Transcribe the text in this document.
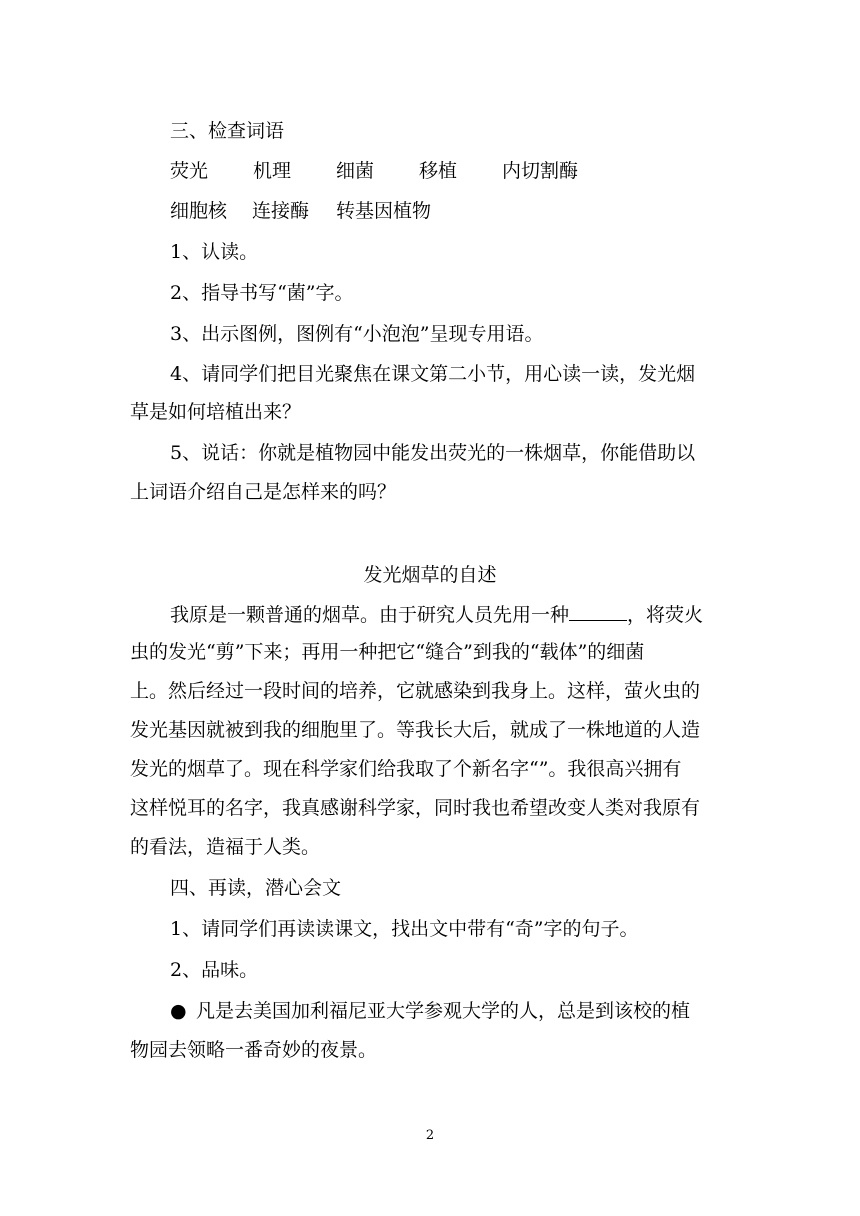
三、检查词语
荧光 机理 细菌 移植 内切割酶
细胞核 连接酶 转基因植物
1、认读。
2、指导书写“菌”字。
3、出示图例，图例有“小泡泡”呈现专用语。
4、请同学们把目光聚焦在课文第二小节，用心读一读，发光烟
草是如何培植出来？
5、说话：你就是植物园中能发出荧光的一株烟草，你能借助以
上词语介绍自己是怎样来的吗？
发光烟草的自述
我原是一颗普通的烟草。由于研究人员先用一种	，将荧火
虫的发光“剪”下来；再用一种把它“缝合”到我的“载体”的细菌
上。然后经过一段时间的培养，它就感染到我身上。这样，萤火虫的
发光基因就被到我的细胞里了。等我长大后，就成了一株地道的人造
发光的烟草了。现在科学家们给我取了个新名字“”。我很高兴拥有
这样悦耳的名字，我真感谢科学家，同时我也希望改变人类对我原有
的看法，造福于人类。
四、再读，潜心会文
1、请同学们再读读课文，找出文中带有“奇”字的句子。
2、品味。
● 凡是去美国加利福尼亚大学参观大学的人，总是到该校的植
物园去领略一番奇妙的夜景。
2
